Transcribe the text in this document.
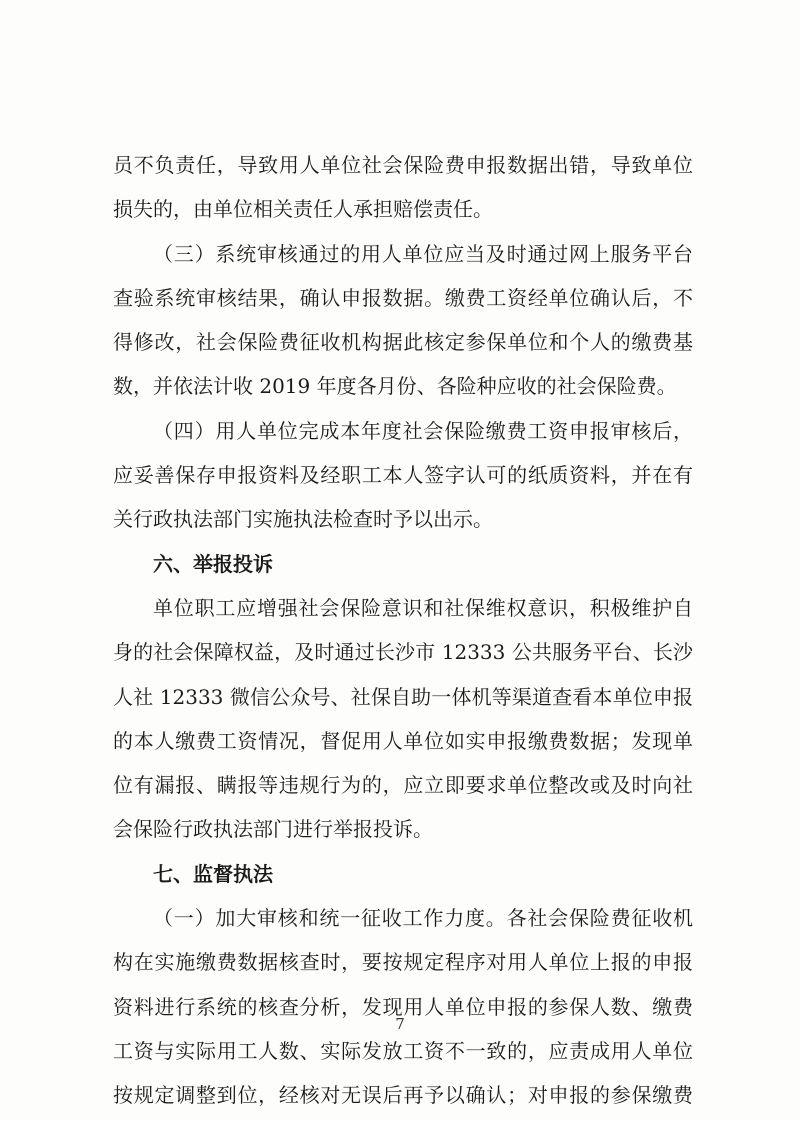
员不负责任，导致用人单位社会保险费申报数据出错，导致单位
损失的，由单位相关责任人承担赔偿责任。
（三）系统审核通过的用人单位应当及时通过网上服务平台
查验系统审核结果，确认申报数据。缴费工资经单位确认后，不
得修改，社会保险费征收机构据此核定参保单位和个人的缴费基
数，并依法计收 2019 年度各月份、各险种应收的社会保险费。
（四）用人单位完成本年度社会保险缴费工资申报审核后，
应妥善保存申报资料及经职工本人签字认可的纸质资料，并在有
关行政执法部门实施执法检查时予以出示。
六、举报投诉
单位职工应增强社会保险意识和社保维权意识，积极维护自
身的社会保障权益，及时通过长沙市 12333 公共服务平台、长沙
人社 12333 微信公众号、社保自助一体机等渠道查看本单位申报
的本人缴费工资情况，督促用人单位如实申报缴费数据；发现单
位有漏报、瞒报等违规行为的，应立即要求单位整改或及时向社
会保险行政执法部门进行举报投诉。
七、监督执法
（一）加大审核和统一征收工作力度。各社会保险费征收机
构在实施缴费数据核查时，要按规定程序对用人单位上报的申报
资料进行系统的核查分析，发现用人单位申报的参保人数、缴费
工资与实际用工人数、实际发放工资不一致的，应责成用人单位
按规定调整到位，经核对无误后再予以确认；对申报的参保缴费
7
